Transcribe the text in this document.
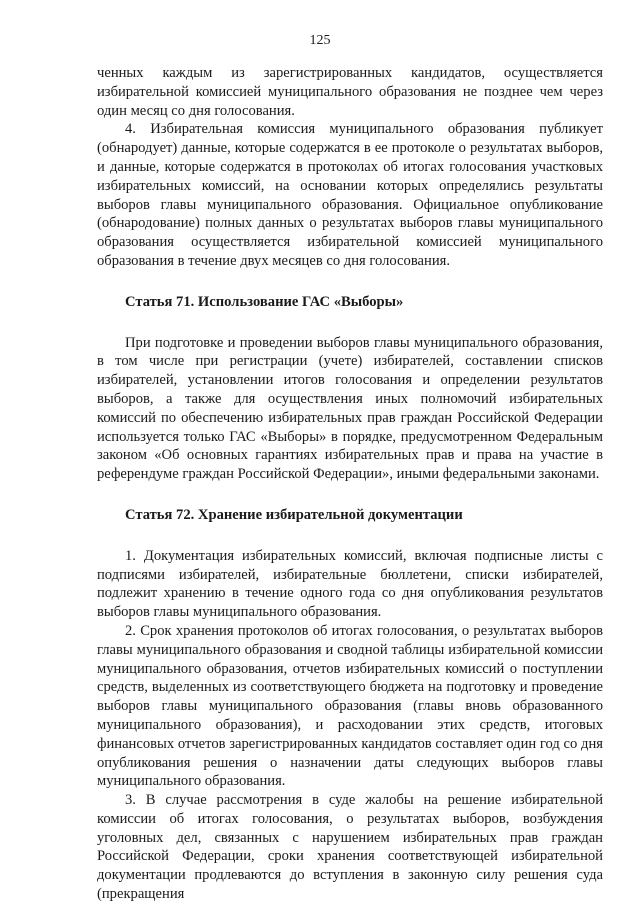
125

ченных каждым из зарегистрированных кандидатов, осуществляется избирательной комиссией муниципального образования не позднее чем через один месяц со дня голосования.

4. Избирательная комиссия муниципального образования публикует (обнародует) данные, которые содержатся в ее протоколе о результатах выборов, и данные, которые содержатся в протоколах об итогах голосования участковых избирательных комиссий, на основании которых определялись результаты выборов главы муниципального образования. Официальное опубликование (обнародование) полных данных о результатах выборов главы муниципального образования осуществляется избирательной комиссией муниципального образования в течение двух месяцев со дня голосования.

Статья 71. Использование ГАС «Выборы»

При подготовке и проведении выборов главы муниципального образования, в том числе при регистрации (учете) избирателей, составлении списков избирателей, установлении итогов голосования и определении результатов выборов, а также для осуществления иных полномочий избирательных комиссий по обеспечению избирательных прав граждан Российской Федерации используется только ГАС «Выборы» в порядке, предусмотренном Федеральным законом «Об основных гарантиях избирательных прав и права на участие в референдуме граждан Российской Федерации», иными федеральными законами.

Статья 72. Хранение избирательной документации

1. Документация избирательных комиссий, включая подписные листы с подписями избирателей, избирательные бюллетени, списки избирателей, подлежит хранению в течение одного года со дня опубликования результатов выборов главы муниципального образования.

2. Срок хранения протоколов об итогах голосования, о результатах выборов главы муниципального образования и сводной таблицы избирательной комиссии муниципального образования, отчетов избирательных комиссий о поступлении средств, выделенных из соответствующего бюджета на подготовку и проведение выборов главы муниципального образования (главы вновь образованного муниципального образования), и расходовании этих средств, итоговых финансовых отчетов зарегистрированных кандидатов составляет один год со дня опубликования решения о назначении даты следующих выборов главы муниципального образования.

3. В случае рассмотрения в суде жалобы на решение избирательной комиссии об итогах голосования, о результатах выборов, возбуждения уголовных дел, связанных с нарушением избирательных прав граждан Российской Федерации, сроки хранения соответствующей избирательной документации продлеваются до вступления в законную силу решения суда (прекращения
